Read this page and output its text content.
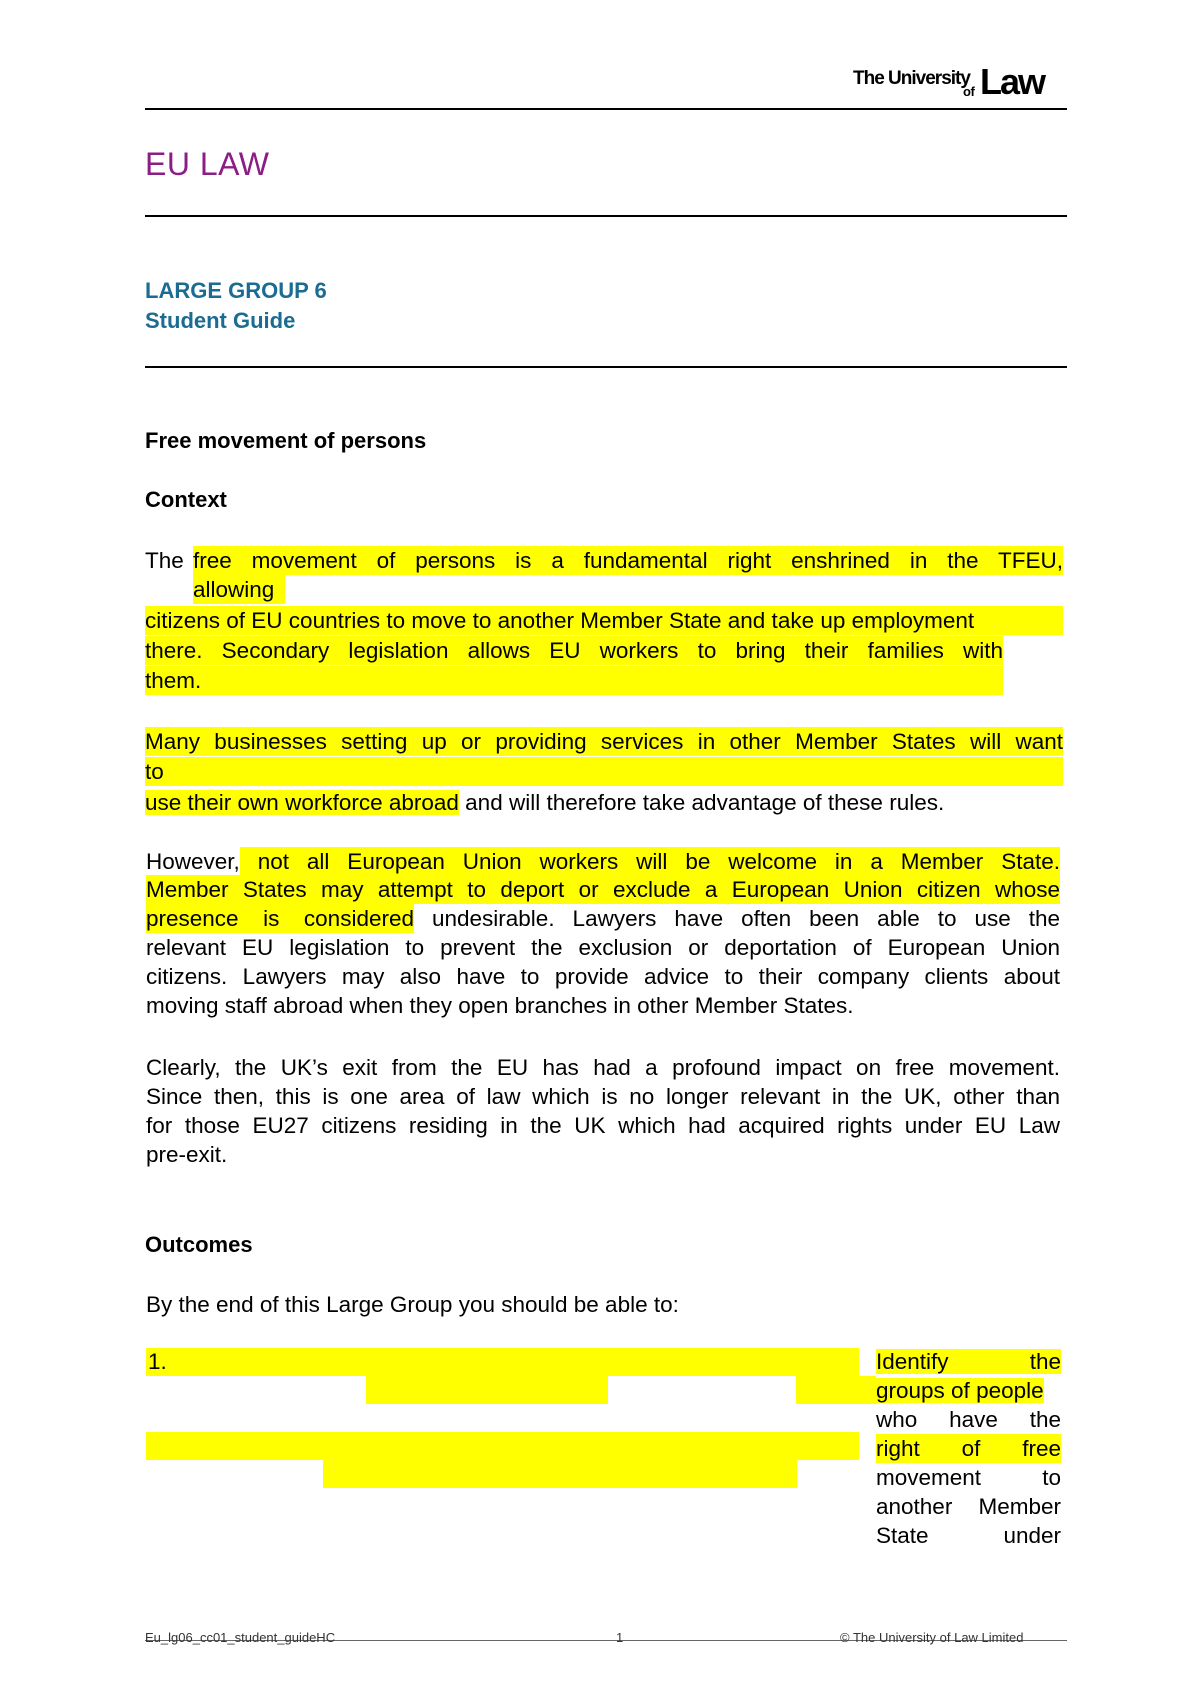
The University
of Law
EU LAW
LARGE GROUP 6
Student Guide
Free movement of persons
Context
The free movement of persons is a fundamental right enshrined in the TFEU,
allowing
citizens of EU countries to move to another Member State and take up employment
there. Secondary legislation allows EU workers to bring their families with
them.
Many businesses setting up or providing services in other Member States will want
to
use their own workforce abroad and will therefore take advantage of these rules.
However, not all European Union workers will be welcome in a Member State.
Member States may attempt to deport or exclude a European Union citizen whose
presence is considered undesirable. Lawyers have often been able to use the
relevant EU legislation to prevent the exclusion or deportation of European Union
citizens. Lawyers may also have to provide advice to their company clients about
moving staff abroad when they open branches in other Member States.
Clearly, the UK’s exit from the EU has had a profound impact on free movement.
Since then, this is one area of law which is no longer relevant in the UK, other than
for those EU27 citizens residing in the UK which had acquired rights under EU Law
pre-exit.
Outcomes
By the end of this Large Group you should be able to:
1.	Identify the
groups of people
who have the
right of free
movement to
another Member
State under
Eu_lg06_cc01_student_guideHC	1	© The University of Law Limited
